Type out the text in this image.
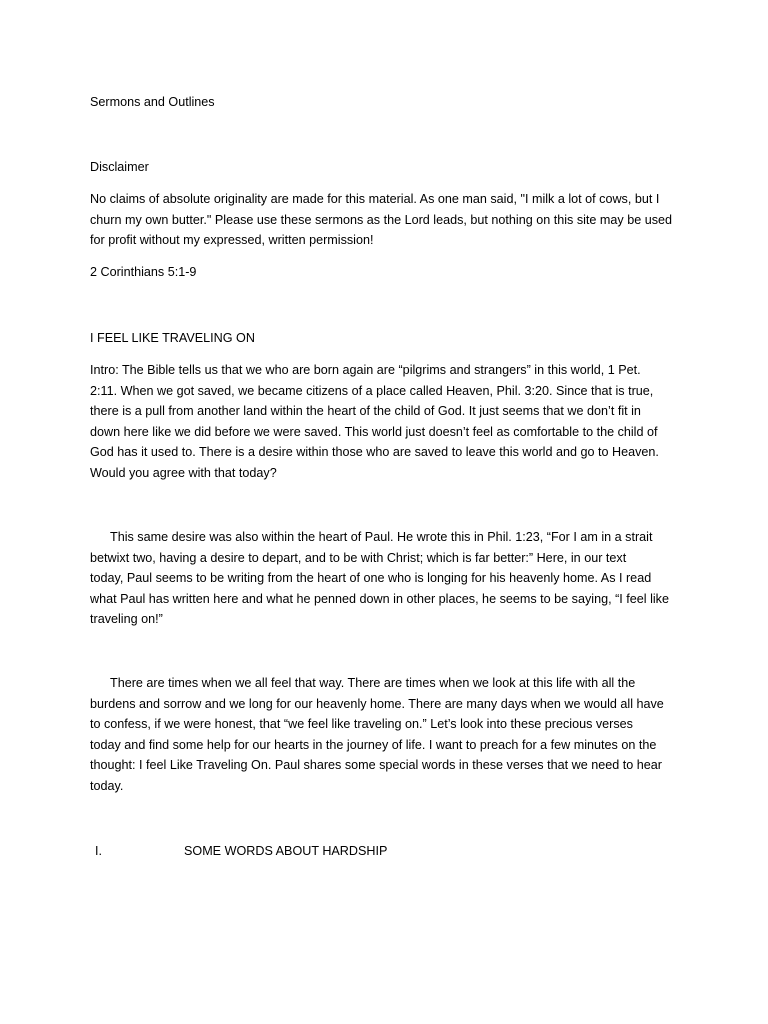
Sermons and Outlines

Disclaimer

No claims of absolute originality are made for this material. As one man said, "I milk a lot of cows, but I
churn my own butter." Please use these sermons as the Lord leads, but nothing on this site may be used
for profit without my expressed, written permission!

2 Corinthians 5:1-9

I FEEL LIKE TRAVELING ON

Intro: The Bible tells us that we who are born again are “pilgrims and strangers” in this world, 1 Pet.
2:11. When we got saved, we became citizens of a place called Heaven, Phil. 3:20. Since that is true,
there is a pull from another land within the heart of the child of God. It just seems that we don’t fit in
down here like we did before we were saved. This world just doesn’t feel as comfortable to the child of
God has it used to. There is a desire within those who are saved to leave this world and go to Heaven.
Would you agree with that today?

This same desire was also within the heart of Paul. He wrote this in Phil. 1:23, “For I am in a strait
betwixt two, having a desire to depart, and to be with Christ; which is far better:” Here, in our text
today, Paul seems to be writing from the heart of one who is longing for his heavenly home. As I read
what Paul has written here and what he penned down in other places, he seems to be saying, “I feel like
traveling on!”

There are times when we all feel that way. There are times when we look at this life with all the
burdens and sorrow and we long for our heavenly home. There are many days when we would all have
to confess, if we were honest, that “we feel like traveling on.” Let’s look into these precious verses
today and find some help for our hearts in the journey of life. I want to preach for a few minutes on the
thought: I feel Like Traveling On. Paul shares some special words in these verses that we need to hear
today.

I.	SOME WORDS ABOUT HARDSHIP
